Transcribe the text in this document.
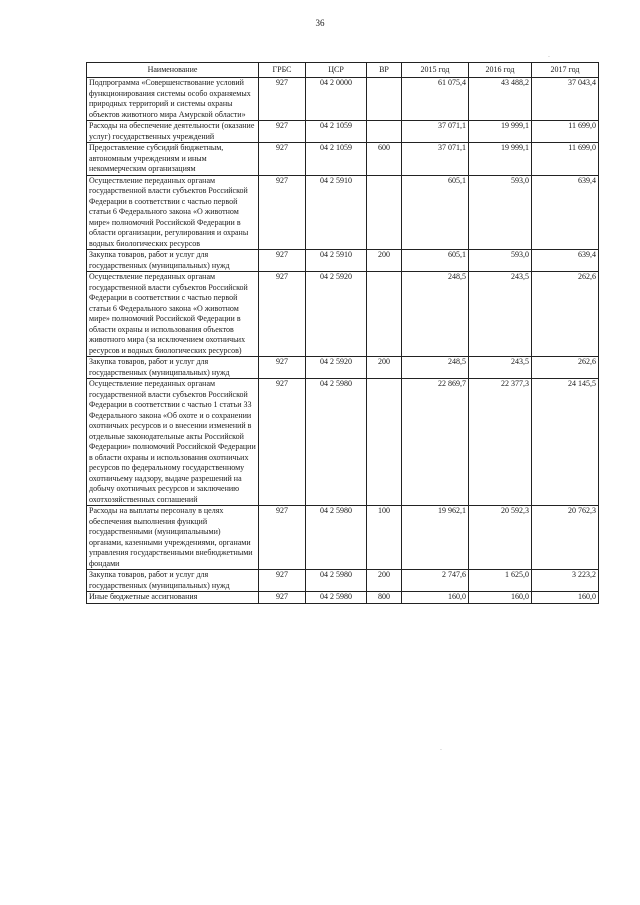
36
Наименование	ГРБС	ЦСР	ВР	2015 год	2016 год	2017 год
Подпрограмма «Совершенствование условий функционирования системы особо охраняемых природных территорий и системы охраны объектов животного мира Амурской области»	927	04 2 0000		61 075,4	43 488,2	37 043,4
Расходы на обеспечение деятельности (оказание услуг) государственных учреждений	927	04 2 1059		37 071,1	19 999,1	11 699,0
Предоставление субсидий бюджетным, автономным учреждениям и иным некоммерческим организациям	927	04 2 1059	600	37 071,1	19 999,1	11 699,0
Осуществление переданных органам государственной власти субъектов Российской Федерации в соответствии с частью первой статьи 6 Федерального закона «О животном мире» полномочий Российской Федерации в области организации, регулирования и охраны водных биологических ресурсов	927	04 2 5910		605,1	593,0	639,4
Закупка товаров, работ и услуг для государственных (муниципальных) нужд	927	04 2 5910	200	605,1	593,0	639,4
Осуществление переданных органам государственной власти субъектов Российской Федерации в соответствии с частью первой статьи 6 Федерального закона «О животном мире» полномочий Российской Федерации в области охраны и использования объектов животного мира (за исключением охотничьих ресурсов и водных биологических ресурсов)	927	04 2 5920		248,5	243,5	262,6
Закупка товаров, работ и услуг для государственных (муниципальных) нужд	927	04 2 5920	200	248,5	243,5	262,6
Осуществление переданных органам государственной власти субъектов Российской Федерации в соответствии с частью 1 статьи 33 Федерального закона «Об охоте и о сохранении охотничьих ресурсов и о внесении изменений в отдельные законодательные акты Российской Федерации» полномочий Российской Федерации в области охраны и использования охотничьих ресурсов по федеральному государственному охотничьему надзору, выдаче разрешений на добычу охотничьих ресурсов и заключению охотхозяйственных соглашений	927	04 2 5980		22 869,7	22 377,3	24 145,5
Расходы на выплаты персоналу в целях обеспечения выполнения функций государственными (муниципальными) органами, казенными учреждениями, органами управления государственными внебюджетными фондами	927	04 2 5980	100	19 962,1	20 592,3	20 762,3
Закупка товаров, работ и услуг для государственных (муниципальных) нужд	927	04 2 5980	200	2 747,6	1 625,0	3 223,2
Иные бюджетные ассигнования	927	04 2 5980	800	160,0	160,0	160,0
.
.
